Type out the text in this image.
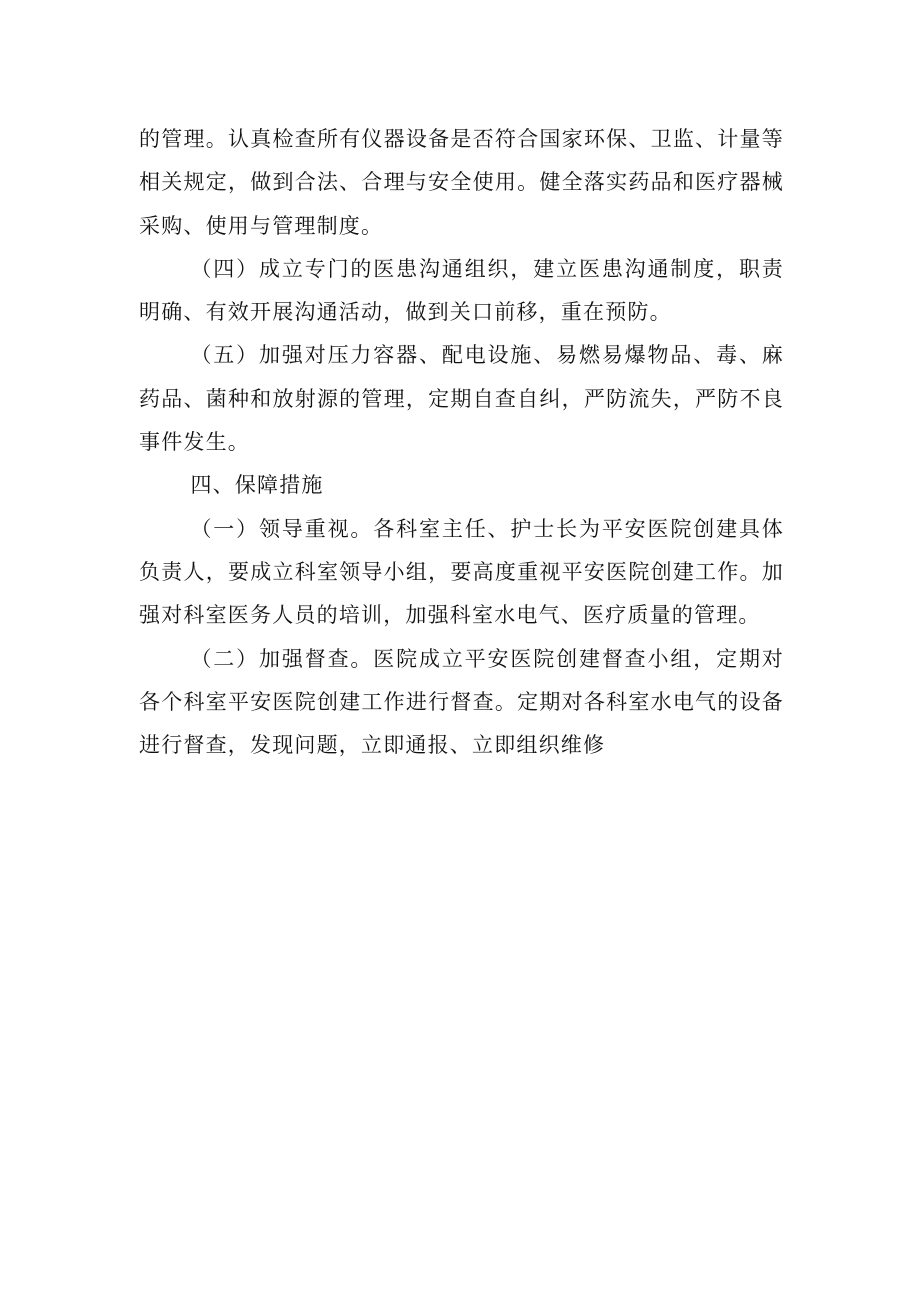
的管理。认真检查所有仪器设备是否符合国家环保、卫监、计量等相关规定，做到合法、合理与安全使用。健全落实药品和医疗器械采购、使用与管理制度。

（四）成立专门的医患沟通组织，建立医患沟通制度，职责明确、有效开展沟通活动，做到关口前移，重在预防。

（五）加强对压力容器、配电设施、易燃易爆物品、毒、麻药品、菌种和放射源的管理，定期自查自纠，严防流失，严防不良事件发生。

四、保障措施

（一）领导重视。各科室主任、护士长为平安医院创建具体负责人，要成立科室领导小组，要高度重视平安医院创建工作。加强对科室医务人员的培训，加强科室水电气、医疗质量的管理。

（二）加强督查。医院成立平安医院创建督查小组，定期对各个科室平安医院创建工作进行督查。定期对各科室水电气的设备进行督查，发现问题，立即通报、立即组织维修
